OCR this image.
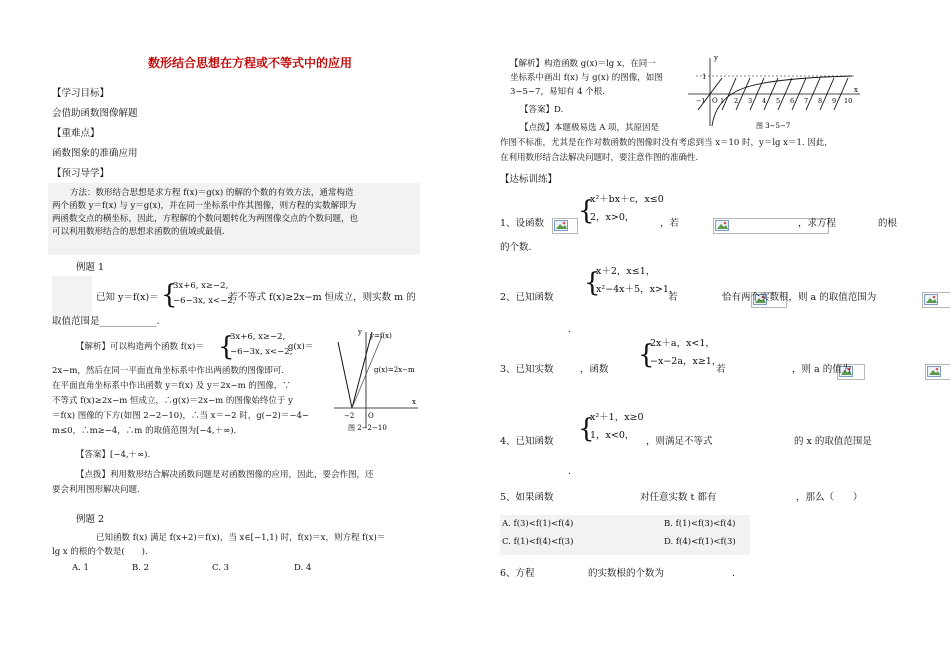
数形结合思想在方程或不等式中的应用
【学习目标】
会借助函数图像解题
【重难点】
函数图象的准确应用
【预习导学】
方法：数形结合思想是求方程 f(x)＝g(x) 的解的个数的有效方法，通常构造
两个函数 y＝f(x) 与 y＝g(x)，并在同一坐标系中作其图像，则方程的实数解即为
两函数交点的横坐标，因此，方程解的个数问题转化为两图像交点的个数问题，也
可以利用数形结合的思想求函数的值域或最值.
例题 1
已知 y＝f(x)＝ {
3x+6, x≥−2,
−6−3x, x<−2,
若不等式 f(x)≥2x−m 恒成立，则实数 m 的
取值范围是____________.
【解析】可以构造两个函数 f(x)＝ {
3x+6, x≥−2,
−6−3x, x<−2,
g(x)＝
2x−m，然后在同一平面直角坐标系中作出两函数的图像即可.
在平面直角坐标系中作出函数 y＝f(x) 及 y＝2x−m 的图像，∵
不等式 f(x)≥2x−m 恒成立，∴g(x)＝2x−m 的图像始终位于 y
＝f(x) 图像的下方(如图 2−2−10)，∴当 x＝−2 时，g(−2)＝−4−
m≤0，∴m≥−4，∴m 的取值范围为[−4,＋∞).
y y=f(x)
g(x)=2x−m
x
−2 O
图 2−2−10
【答案】[−4,＋∞).
【点拨】利用数形结合解决函数问题是对函数图像的应用，因此，要会作图，还
要会利用图形解决问题.
例题 2
已知函数 f(x) 满足 f(x+2)＝f(x)，当 x∈[−1,1) 时，f(x)＝x，则方程 f(x)＝
lg x 的根的个数是(　　).
A. 1	B. 2	C. 3	D. 4
【解析】构造函数 g(x)＝lg x，在同一
坐标系中画出 f(x) 与 g(x) 的图像，如图
3−5−7，易知有 4 个根.
【答案】D.
【点拨】本题极易选 A 项，其原因是
作图不标准，尤其是在作对数函数的图像时没有考虑到当 x＝10 时，y＝lg x＝1. 因此，
在利用数形结合法解决问题时，要注意作图的准确性.
y
x
1
O
−1 1 2 3 4 5 6 7 8 9 10
图 3−5−7
【达标训练】
1、设函数
{
x²＋bx＋c，x≤0
2，x>0，
，若
	，求方程
	的根
的个数.
2、已知函数
{
x＋2，x≤1，
x²−4x＋5，x>1，
若
	恰有两个实数根，则 a 的取值范围为
.
3、已知实数
	，函数
{
2x＋a，x<1，
−x−2a，x≥1，
若
	，则 a 的值为
4、已知函数
{
x²＋1，x≥0
1，x<0，
，则满足不等式
	的 x 的取值范围是
.
5、如果函数
	对任意实数 t 都有
	，那么（　　）
A. f(3)<f(1)<f(4)	B. f(1)<f(3)<f(4)
C. f(1)<f(4)<f(3)	D. f(4)<f(1)<f(3)
6、方程	的实数根的个数为	.
